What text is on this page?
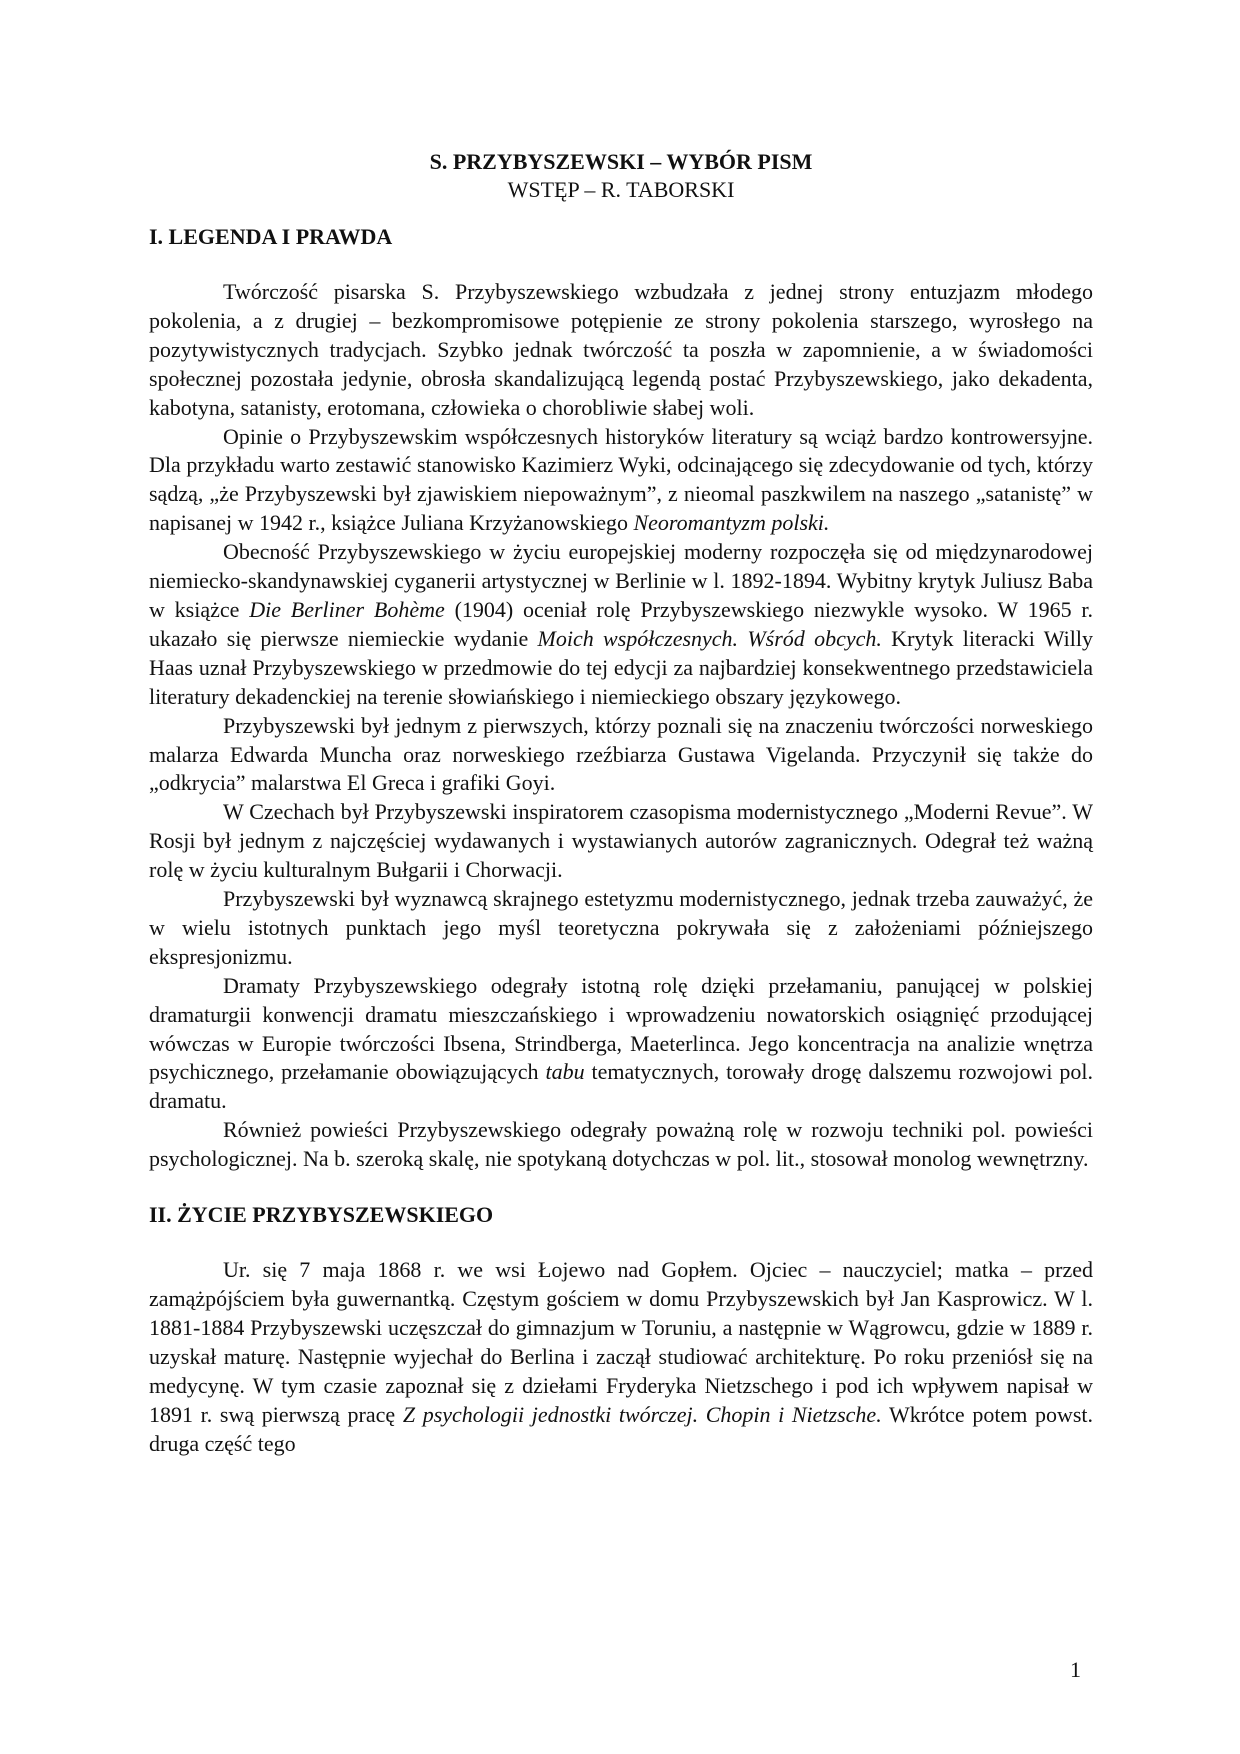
S. PRZYBYSZEWSKI – WYBÓR PISM
WSTĘP – R. TABORSKI
I. LEGENDA I PRAWDA

Twórczość pisarska S. Przybyszewskiego wzbudzała z jednej strony entuzjazm młodego pokolenia, a z drugiej – bezkompromisowe potępienie ze strony pokolenia starszego, wyrosłego na pozytywistycznych tradycjach. Szybko jednak twórczość ta poszła w zapomnienie, a w świadomości społecznej pozostała jedynie, obrosła skandalizującą legendą postać Przybyszewskiego, jako dekadenta, kabotyna, satanisty, erotomana, człowieka o chorobliwie słabej woli.

Opinie o Przybyszewskim współczesnych historyków literatury są wciąż bardzo kontrowersyjne. Dla przykładu warto zestawić stanowisko Kazimierz Wyki, odcinającego się zdecydowanie od tych, którzy sądzą, „że Przybyszewski był zjawiskiem niepoważnym”, z nieomal paszkwilem na naszego „satanistę” w napisanej w 1942 r., książce Juliana Krzyżanowskiego Neoromantyzm polski.

Obecność Przybyszewskiego w życiu europejskiej moderny rozpoczęła się od międzynarodowej niemiecko-skandynawskiej cyganerii artystycznej w Berlinie w l. 1892-1894. Wybitny krytyk Juliusz Baba w książce Die Berliner Bohѐme (1904) oceniał rolę Przybyszewskiego niezwykle wysoko. W 1965 r. ukazało się pierwsze niemieckie wydanie Moich współczesnych. Wśród obcych. Krytyk literacki Willy Haas uznał Przybyszewskiego w przedmowie do tej edycji za najbardziej konsekwentnego przedstawiciela literatury dekadenckiej na terenie słowiańskiego i niemieckiego obszary językowego.

Przybyszewski był jednym z pierwszych, którzy poznali się na znaczeniu twórczości norweskiego malarza Edwarda Muncha oraz norweskiego rzeźbiarza Gustawa Vigelanda. Przyczynił się także do „odkrycia” malarstwa El Greca i grafiki Goyi.

W Czechach był Przybyszewski inspiratorem czasopisma modernistycznego „Moderni Revue”. W Rosji był jednym z najczęściej wydawanych i wystawianych autorów zagranicznych. Odegrał też ważną rolę w życiu kulturalnym Bułgarii i Chorwacji.

Przybyszewski był wyznawcą skrajnego estetyzmu modernistycznego, jednak trzeba zauważyć, że w wielu istotnych punktach jego myśl teoretyczna pokrywała się z założeniami późniejszego ekspresjonizmu.

Dramaty Przybyszewskiego odegrały istotną rolę dzięki przełamaniu, panującej w polskiej dramaturgii konwencji dramatu mieszczańskiego i wprowadzeniu nowatorskich osiągnięć przodującej wówczas w Europie twórczości Ibsena, Strindberga, Maeterlinca. Jego koncentracja na analizie wnętrza psychicznego, przełamanie obowiązujących tabu tematycznych, torowały drogę dalszemu rozwojowi pol. dramatu.

Również powieści Przybyszewskiego odegrały poważną rolę w rozwoju techniki pol. powieści psychologicznej. Na b. szeroką skalę, nie spotykaną dotychczas w pol. lit., stosował monolog wewnętrzny.

II. ŻYCIE PRZYBYSZEWSKIEGO

Ur. się 7 maja 1868 r. we wsi Łojewo nad Gopłem. Ojciec – nauczyciel; matka – przed zamążpójściem była guwernantką. Częstym gościem w domu Przybyszewskich był Jan Kasprowicz. W l. 1881-1884 Przybyszewski uczęszczał do gimnazjum w Toruniu, a następnie w Wągrowcu, gdzie w 1889 r. uzyskał maturę. Następnie wyjechał do Berlina i zaczął studiować architekturę. Po roku przeniósł się na medycynę. W tym czasie zapoznał się z dziełami Fryderyka Nietzschego i pod ich wpływem napisał w 1891 r. swą pierwszą pracę Z psychologii jednostki twórczej. Chopin i Nietzsche. Wkrótce potem powst. druga część tego

1
